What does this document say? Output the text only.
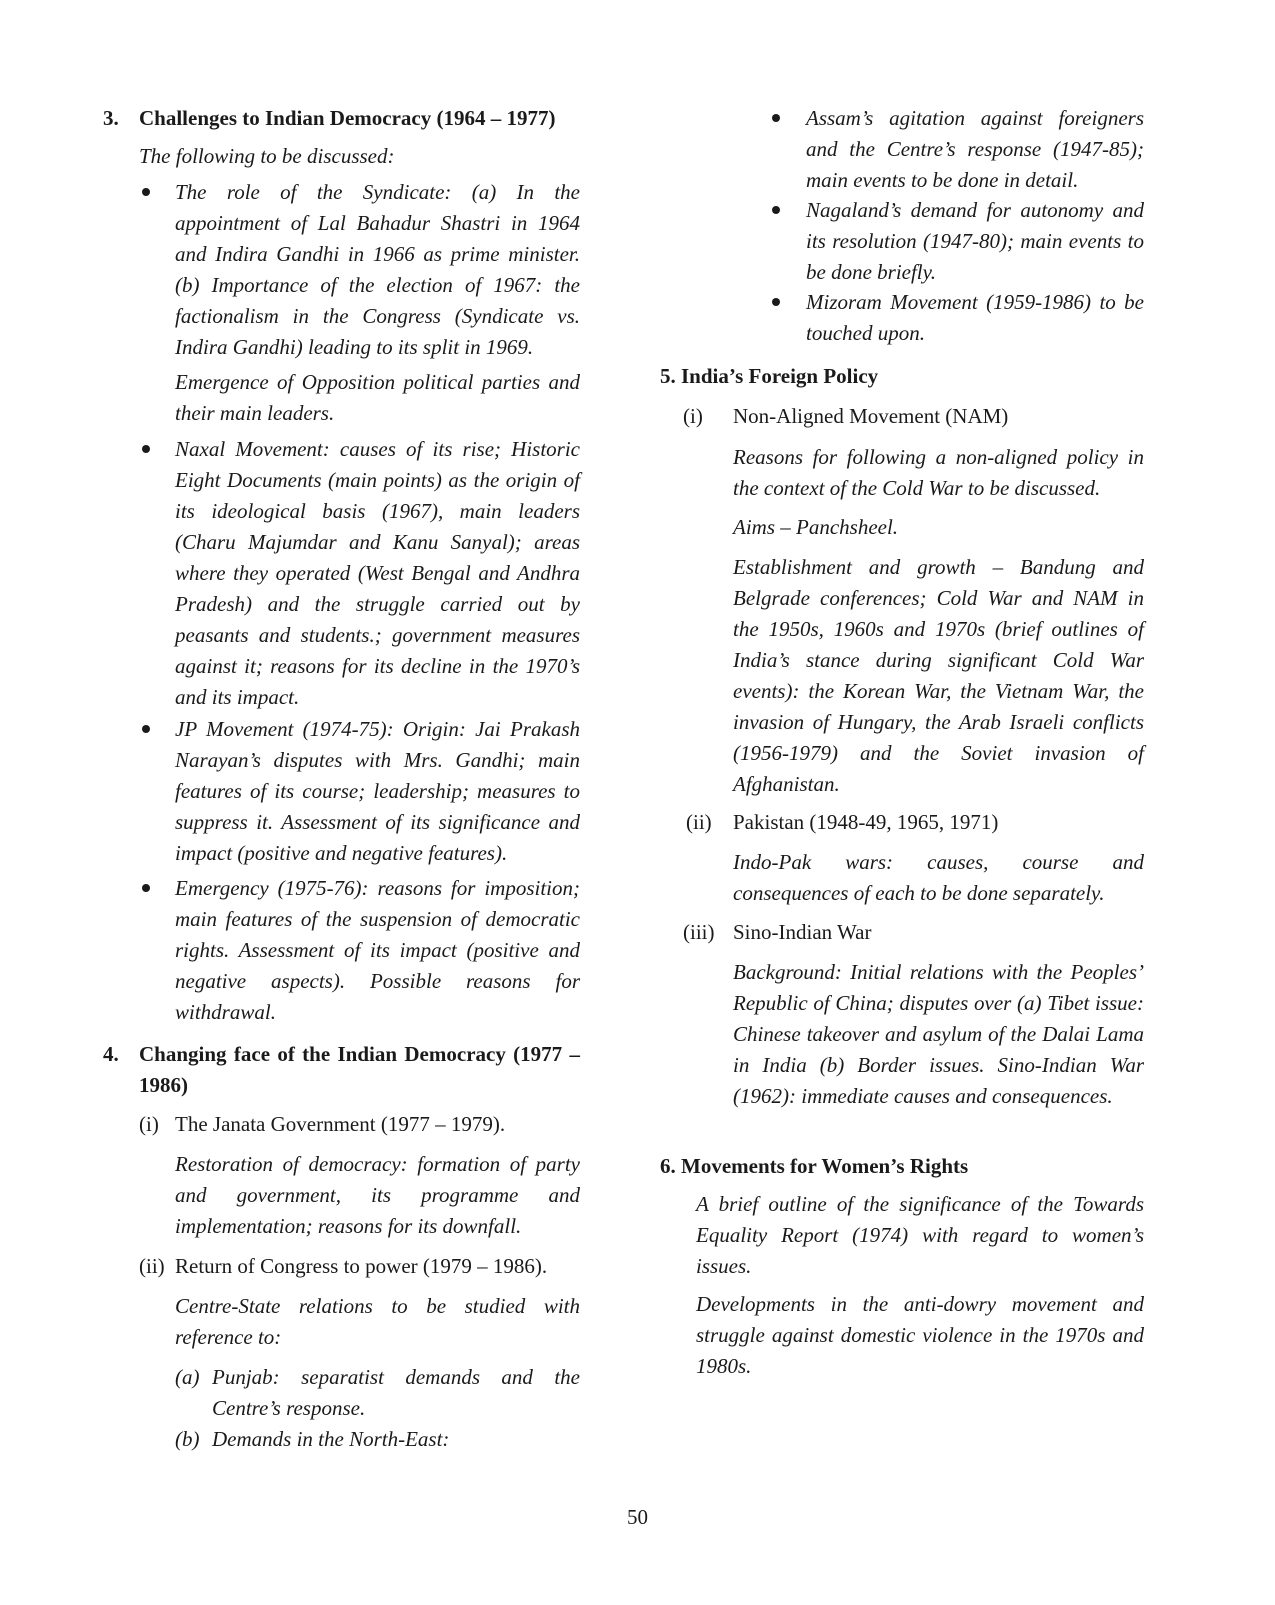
3. Challenges to Indian Democracy (1964 – 1977)
The following to be discussed:
The role of the Syndicate: (a) In the appointment of Lal Bahadur Shastri in 1964 and Indira Gandhi in 1966 as prime minister. (b) Importance of the election of 1967: the factionalism in the Congress (Syndicate vs. Indira Gandhi) leading to its split in 1969.
Emergence of Opposition political parties and their main leaders.
Naxal Movement: causes of its rise; Historic Eight Documents (main points) as the origin of its ideological basis (1967), main leaders (Charu Majumdar and Kanu Sanyal); areas where they operated (West Bengal and Andhra Pradesh) and the struggle carried out by peasants and students.; government measures against it; reasons for its decline in the 1970’s and its impact.
JP Movement (1974-75): Origin: Jai Prakash Narayan’s disputes with Mrs. Gandhi; main features of its course; leadership; measures to suppress it. Assessment of its significance and impact (positive and negative features).
Emergency (1975-76): reasons for imposition; main features of the suspension of democratic rights. Assessment of its impact (positive and negative aspects). Possible reasons for withdrawal.
4. Changing face of the Indian Democracy (1977 – 1986)
(i) The Janata Government (1977 – 1979).
Restoration of democracy: formation of party and government, its programme and implementation; reasons for its downfall.
(ii) Return of Congress to power (1979 – 1986).
Centre-State relations to be studied with reference to:
(a) Punjab: separatist demands and the Centre’s response.
(b) Demands in the North-East:
Assam’s agitation against foreigners and the Centre’s response (1947-85); main events to be done in detail.
Nagaland’s demand for autonomy and its resolution (1947-80); main events to be done briefly.
Mizoram Movement (1959-1986) to be touched upon.
5. India’s Foreign Policy
(i) Non-Aligned Movement (NAM)
Reasons for following a non-aligned policy in the context of the Cold War to be discussed.
Aims – Panchsheel.
Establishment and growth – Bandung and Belgrade conferences; Cold War and NAM in the 1950s, 1960s and 1970s (brief outlines of India’s stance during significant Cold War events): the Korean War, the Vietnam War, the invasion of Hungary, the Arab Israeli conflicts (1956-1979) and the Soviet invasion of Afghanistan.
(ii) Pakistan (1948-49, 1965, 1971)
Indo-Pak wars: causes, course and consequences of each to be done separately.
(iii) Sino-Indian War
Background: Initial relations with the Peoples’ Republic of China; disputes over (a) Tibet issue: Chinese takeover and asylum of the Dalai Lama in India (b) Border issues. Sino-Indian War (1962): immediate causes and consequences.
6. Movements for Women’s Rights
A brief outline of the significance of the Towards Equality Report (1974) with regard to women’s issues.
Developments in the anti-dowry movement and struggle against domestic violence in the 1970s and 1980s.
50
